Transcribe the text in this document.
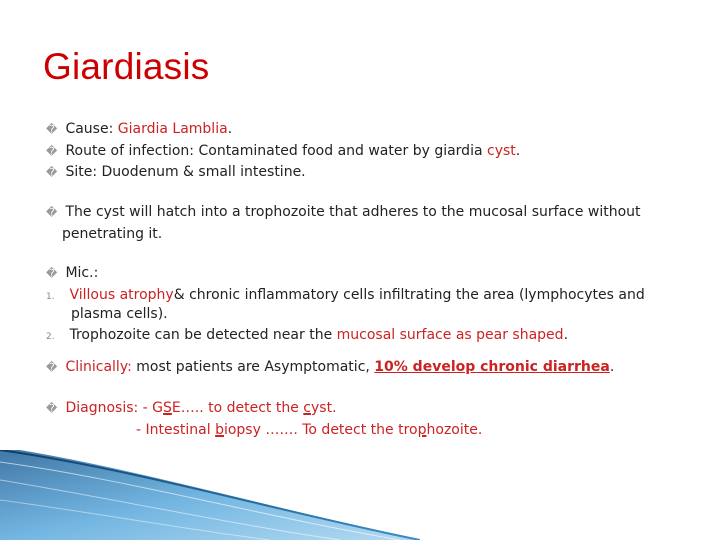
Giardiasis
� Cause: Giardia Lamblia.
� Route of infection: Contaminated food and water by giardia cyst.
� Site: Duodenum & small intestine.
� The cyst will hatch into a trophozoite that adheres to the mucosal surface without
penetrating it.
� Mic.:
1. Villous atrophy& chronic inflammatory cells infiltrating the area (lymphocytes and
plasma cells).
2. Trophozoite can be detected near the mucosal surface as pear shaped.
� Clinically: most patients are Asymptomatic, 10% develop chronic diarrhea.
� Diagnosis: - GSE….. to detect the cyst.
- Intestinal biopsy ……. To detect the trophozoite.
